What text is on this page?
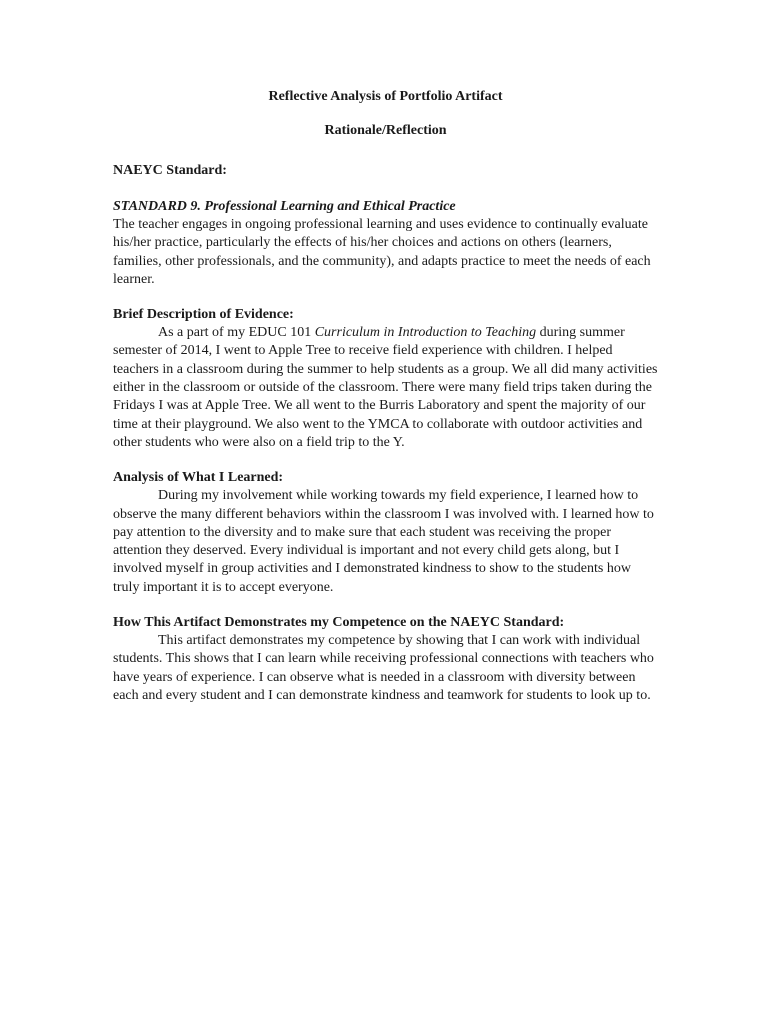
Reflective Analysis of Portfolio Artifact

Rationale/Reflection

NAEYC Standard:

STANDARD 9. Professional Learning and Ethical Practice

The teacher engages in ongoing professional learning and uses evidence to continually evaluate his/her practice, particularly the effects of his/her choices and actions on others (learners, families, other professionals, and the community), and adapts practice to meet the needs of each learner.

Brief Description of Evidence:

As a part of my EDUC 101 Curriculum in Introduction to Teaching during summer semester of 2014, I went to Apple Tree to receive field experience with children. I helped teachers in a classroom during the summer to help students as a group. We all did many activities either in the classroom or outside of the classroom. There were many field trips taken during the Fridays I was at Apple Tree. We all went to the Burris Laboratory and spent the majority of our time at their playground. We also went to the YMCA to collaborate with outdoor activities and other students who were also on a field trip to the Y.

Analysis of What I Learned:

During my involvement while working towards my field experience, I learned how to observe the many different behaviors within the classroom I was involved with. I learned how to pay attention to the diversity and to make sure that each student was receiving the proper attention they deserved. Every individual is important and not every child gets along, but I involved myself in group activities and I demonstrated kindness to show to the students how truly important it is to accept everyone.

How This Artifact Demonstrates my Competence on the NAEYC Standard:

This artifact demonstrates my competence by showing that I can work with individual students. This shows that I can learn while receiving professional connections with teachers who have years of experience. I can observe what is needed in a classroom with diversity between each and every student and I can demonstrate kindness and teamwork for students to look up to.
